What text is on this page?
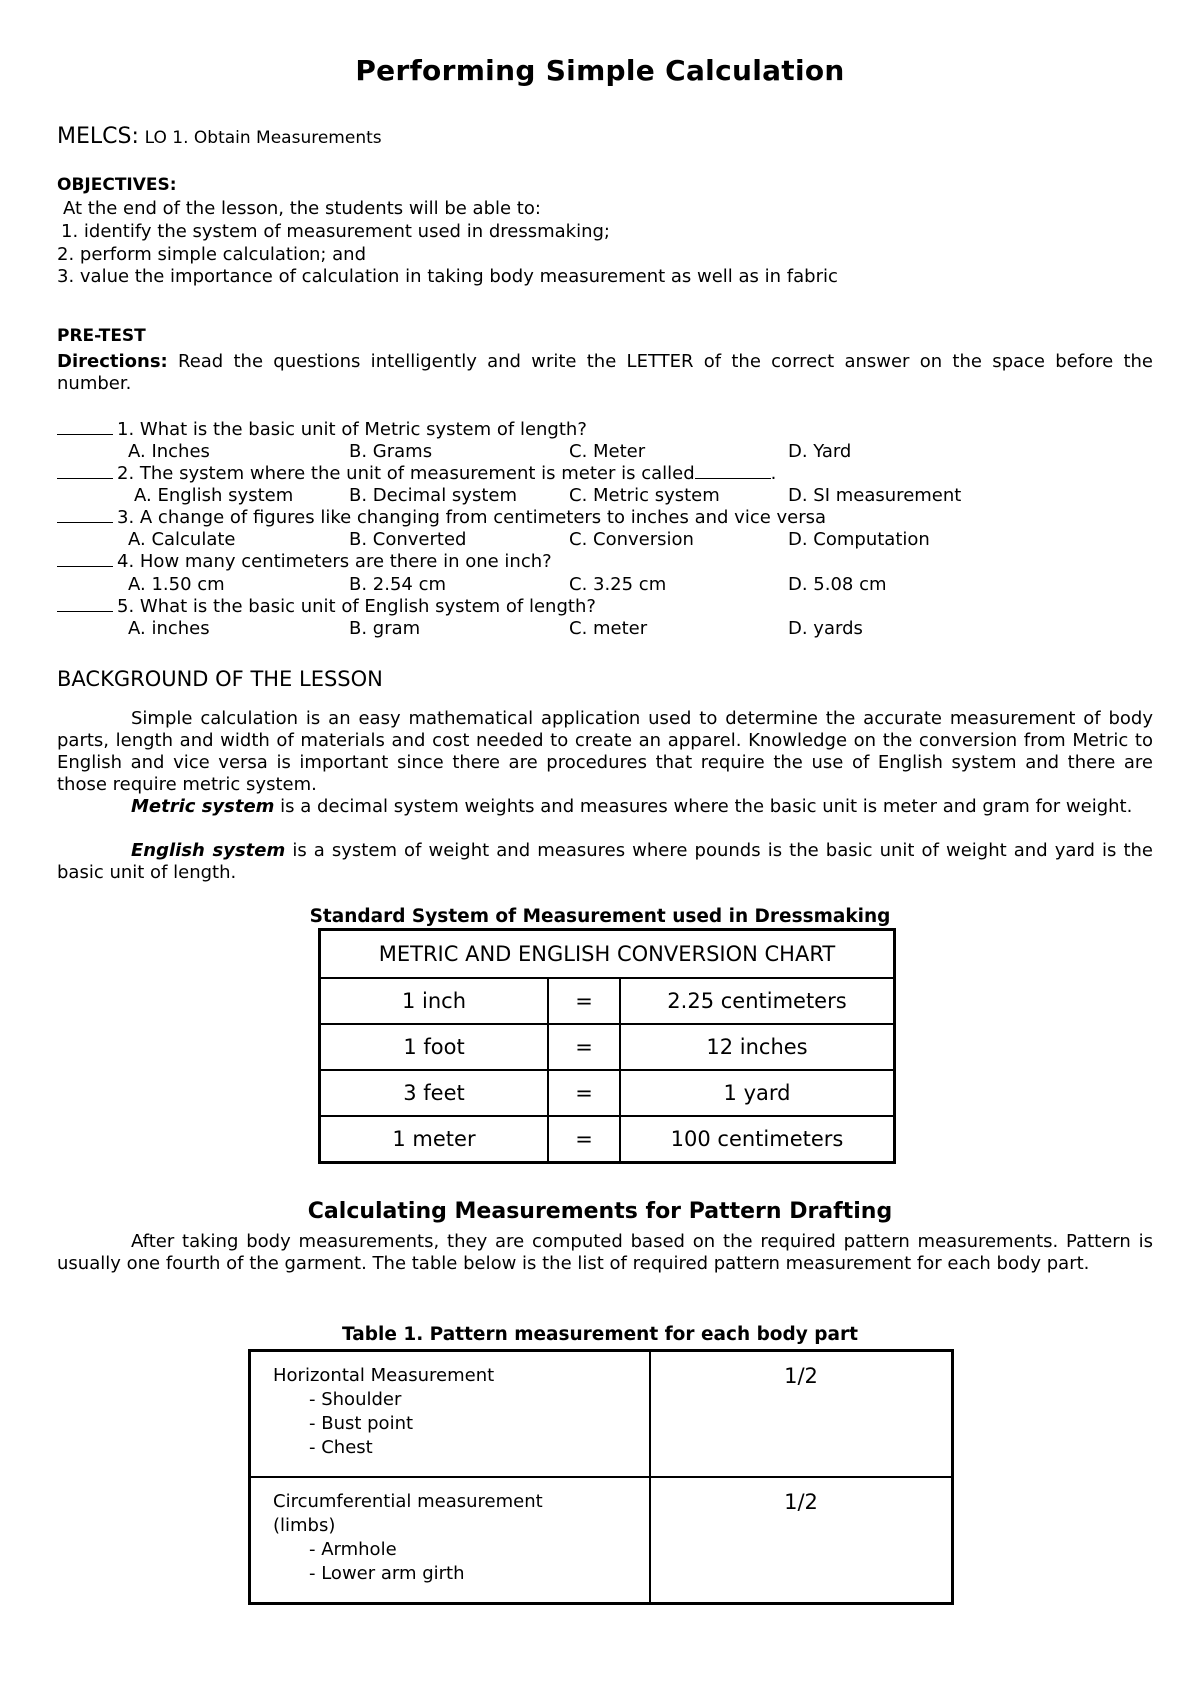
Performing Simple Calculation
MELCS: LO 1. Obtain Measurements
OBJECTIVES:
At the end of the lesson, the students will be able to:
1. identify the system of measurement used in dressmaking;
2. perform simple calculation; and
3. value the importance of calculation in taking body measurement as well as in fabric
PRE-TEST
Directions: Read the questions intelligently and write the LETTER of the correct answer on the space before the number.
1. What is the basic unit of Metric system of length?
A. Inches	B. Grams	C. Meter	D. Yard
2. The system where the unit of measurement is meter is called	.
A. English system	B. Decimal system	C. Metric system	D. SI measurement
3. A change of figures like changing from centimeters to inches and vice versa
A. Calculate	B. Converted	C. Conversion	D. Computation
4. How many centimeters are there in one inch?
A. 1.50 cm	B. 2.54 cm	C. 3.25 cm	D. 5.08 cm
5. What is the basic unit of English system of length?
A. inches	B. gram	C. meter	D. yards
BACKGROUND OF THE LESSON
Simple calculation is an easy mathematical application used to determine the accurate measurement of body parts, length and width of materials and cost needed to create an apparel. Knowledge on the conversion from Metric to English and vice versa is important since there are procedures that require the use of English system and there are those require metric system.
Metric system is a decimal system weights and measures where the basic unit is meter and gram for weight.
English system is a system of weight and measures where pounds is the basic unit of weight and yard is the basic unit of length.
Standard System of Measurement used in Dressmaking
METRIC AND ENGLISH CONVERSION CHART		
1 inch	=	2.25 centimeters
1 foot	=	12 inches
3 feet	=	1 yard
1 meter	=	100 centimeters
Calculating Measurements for Pattern Drafting
After taking body measurements, they are computed based on the required pattern measurements. Pattern is usually one fourth of the garment. The table below is the list of required pattern measurement for each body part.
Table 1. Pattern measurement for each body part
Horizontal Measurement
- Shoulder
- Bust point
- Chest	1/2

Circumferential measurement (limbs)
- Armhole
- Lower arm girth	1/2
